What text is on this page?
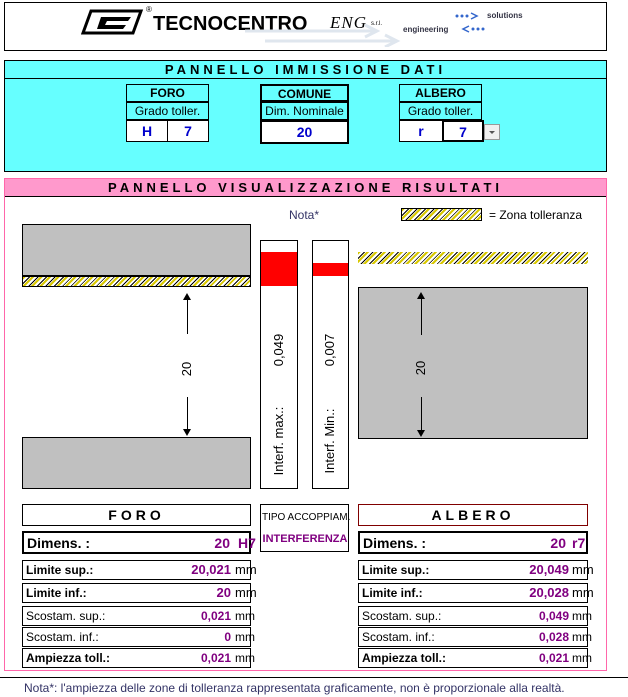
®
TECNOCENTRO ENG s.r.l.
solutions
engineering
PANNELLO IMMISSIONE DATI
FORO
Grado toller.
H	7
COMUNE
Dim. Nominale
20
ALBERO
Grado toller.
r	7
PANNELLO VISUALIZZAZIONE RISULTATI
Nota*	= Zona tolleranza
20
0,049
Interf. max.:
0,007
Interf. Min.:
20
TIPO ACCOPPIAM.
INTERFERENZA
FORO
Dimens. :	20 H7
Limite sup.:	20,021 mm
Limite inf.:	20 mm
Scostam. sup.:	0,021 mm
Scostam. inf.:	0 mm
Ampiezza toll.:	0,021 mm
ALBERO
Dimens. :	20 r7
Limite sup.:	20,049 mm
Limite inf.:	20,028 mm
Scostam. sup.:	0,049 mm
Scostam. inf.:	0,028 mm
Ampiezza toll.:	0,021 mm
Nota*: l'ampiezza delle zone di tolleranza rappresentata graficamente, non è proporzionale alla realtà.
